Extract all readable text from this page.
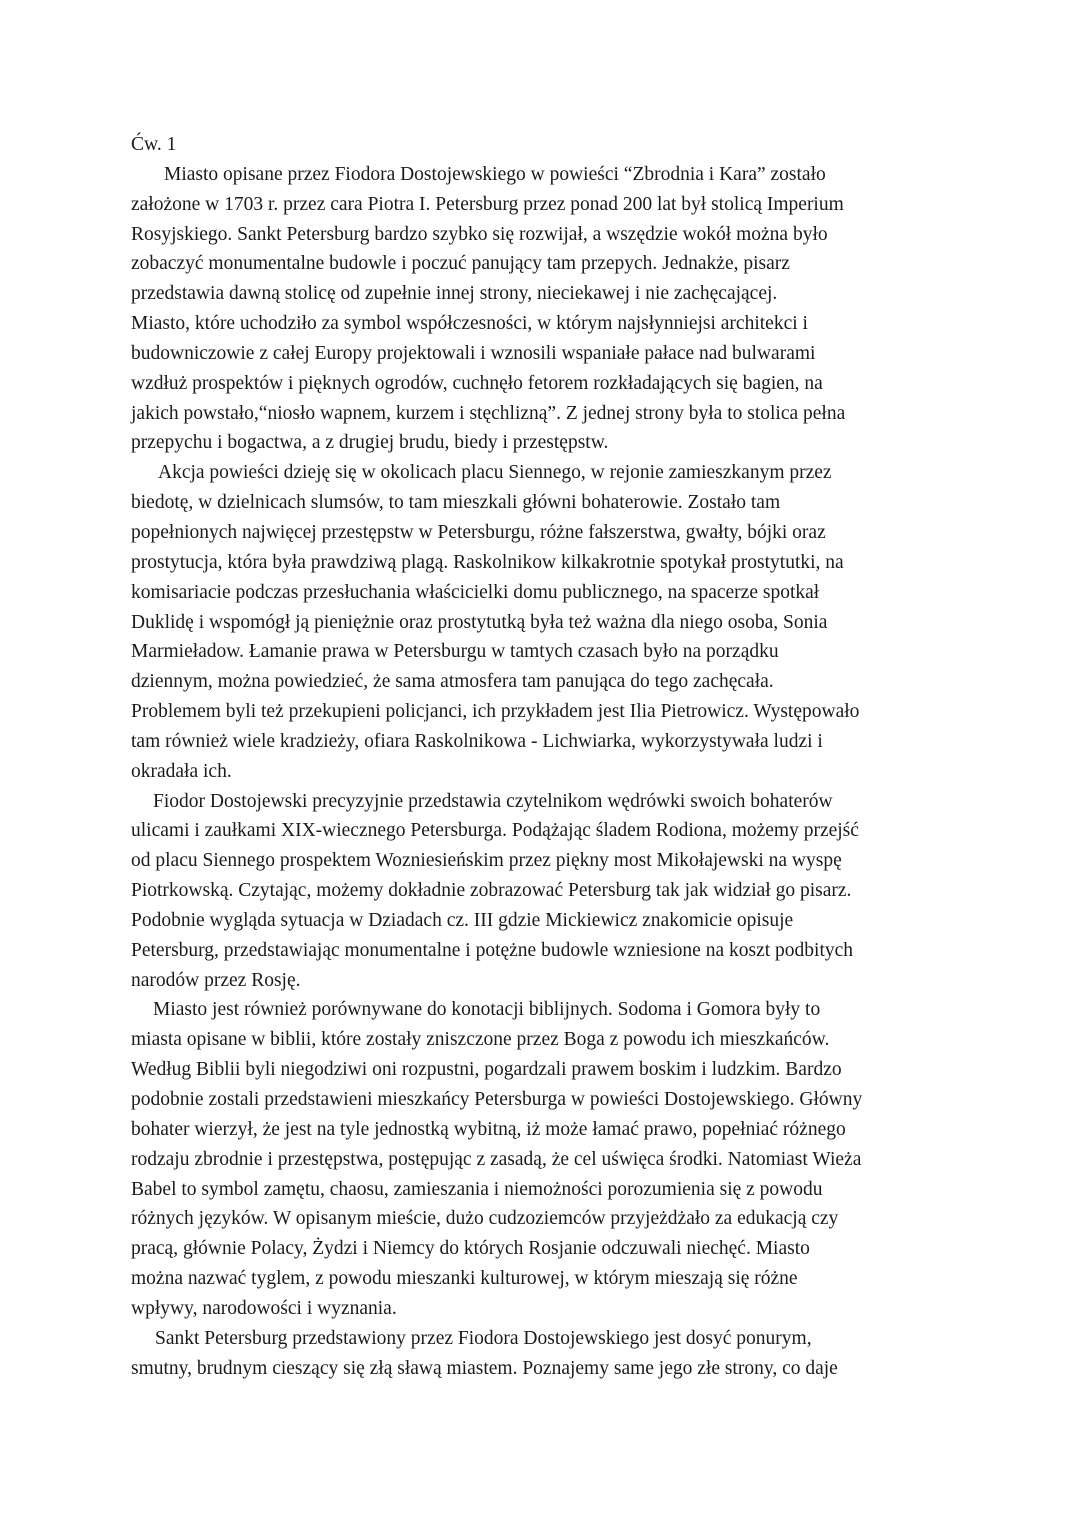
Ćw. 1
Miasto opisane przez Fiodora Dostojewskiego w powieści “Zbrodnia i Kara” zostało
założone w 1703 r. przez cara Piotra I. Petersburg przez ponad 200 lat był stolicą Imperium
Rosyjskiego. Sankt Petersburg bardzo szybko się rozwijał, a wszędzie wokół można było
zobaczyć monumentalne budowle i poczuć panujący tam przepych. Jednakże, pisarz
przedstawia dawną stolicę od zupełnie innej strony, nieciekawej i nie zachęcającej.
Miasto, które uchodziło za symbol współczesności, w którym najsłynniejsi architekci i
budowniczowie z całej Europy projektowali i wznosili wspaniałe pałace nad bulwarami
wzdłuż prospektów i pięknych ogrodów, cuchnęło fetorem rozkładających się bagien, na
jakich powstało,“niosło wapnem, kurzem i stęchlizną”. Z jednej strony była to stolica pełna
przepychu i bogactwa, a z drugiej brudu, biedy i przestępstw.
Akcja powieści dzieję się w okolicach placu Siennego, w rejonie zamieszkanym przez
biedotę, w dzielnicach slumsów, to tam mieszkali główni bohaterowie. Zostało tam
popełnionych najwięcej przestępstw w Petersburgu, różne fałszerstwa, gwałty, bójki oraz
prostytucja, która była prawdziwą plagą. Raskolnikow kilkakrotnie spotykał prostytutki, na
komisariacie podczas przesłuchania właścicielki domu publicznego, na spacerze spotkał
Duklidę i wspomógł ją pieniężnie oraz prostytutką była też ważna dla niego osoba, Sonia
Marmieładow. Łamanie prawa w Petersburgu w tamtych czasach było na porządku
dziennym, można powiedzieć, że sama atmosfera tam panująca do tego zachęcała.
Problemem byli też przekupieni policjanci, ich przykładem jest Ilia Pietrowicz. Występowało
tam również wiele kradzieży, ofiara Raskolnikowa - Lichwiarka, wykorzystywała ludzi i
okradała ich.
Fiodor Dostojewski precyzyjnie przedstawia czytelnikom wędrówki swoich bohaterów
ulicami i zaułkami XIX-wiecznego Petersburga. Podążając śladem Rodiona, możemy przejść
od placu Siennego prospektem Wozniesieńskim przez piękny most Mikołajewski na wyspę
Piotrkowską. Czytając, możemy dokładnie zobrazować Petersburg tak jak widział go pisarz.
Podobnie wygląda sytuacja w Dziadach cz. III gdzie Mickiewicz znakomicie opisuje
Petersburg, przedstawiając monumentalne i potężne budowle wzniesione na koszt podbitych
narodów przez Rosję.
Miasto jest również porównywane do konotacji biblijnych. Sodoma i Gomora były to
miasta opisane w biblii, które zostały zniszczone przez Boga z powodu ich mieszkańców.
Według Biblii byli niegodziwi oni rozpustni, pogardzali prawem boskim i ludzkim. Bardzo
podobnie zostali przedstawieni mieszkańcy Petersburga w powieści Dostojewskiego. Główny
bohater wierzył, że jest na tyle jednostką wybitną, iż może łamać prawo, popełniać różnego
rodzaju zbrodnie i przestępstwa, postępując z zasadą, że cel uświęca środki. Natomiast Wieża
Babel to symbol zamętu, chaosu, zamieszania i niemożności porozumienia się z powodu
różnych języków. W opisanym mieście, dużo cudzoziemców przyjeżdżało za edukacją czy
pracą, głównie Polacy, Żydzi i Niemcy do których Rosjanie odczuwali niechęć. Miasto
można nazwać tyglem, z powodu mieszanki kulturowej, w którym mieszają się różne
wpływy, narodowości i wyznania.
Sankt Petersburg przedstawiony przez Fiodora Dostojewskiego jest dosyć ponurym,
smutny, brudnym cieszący się złą sławą miastem. Poznajemy same jego złe strony, co daje
